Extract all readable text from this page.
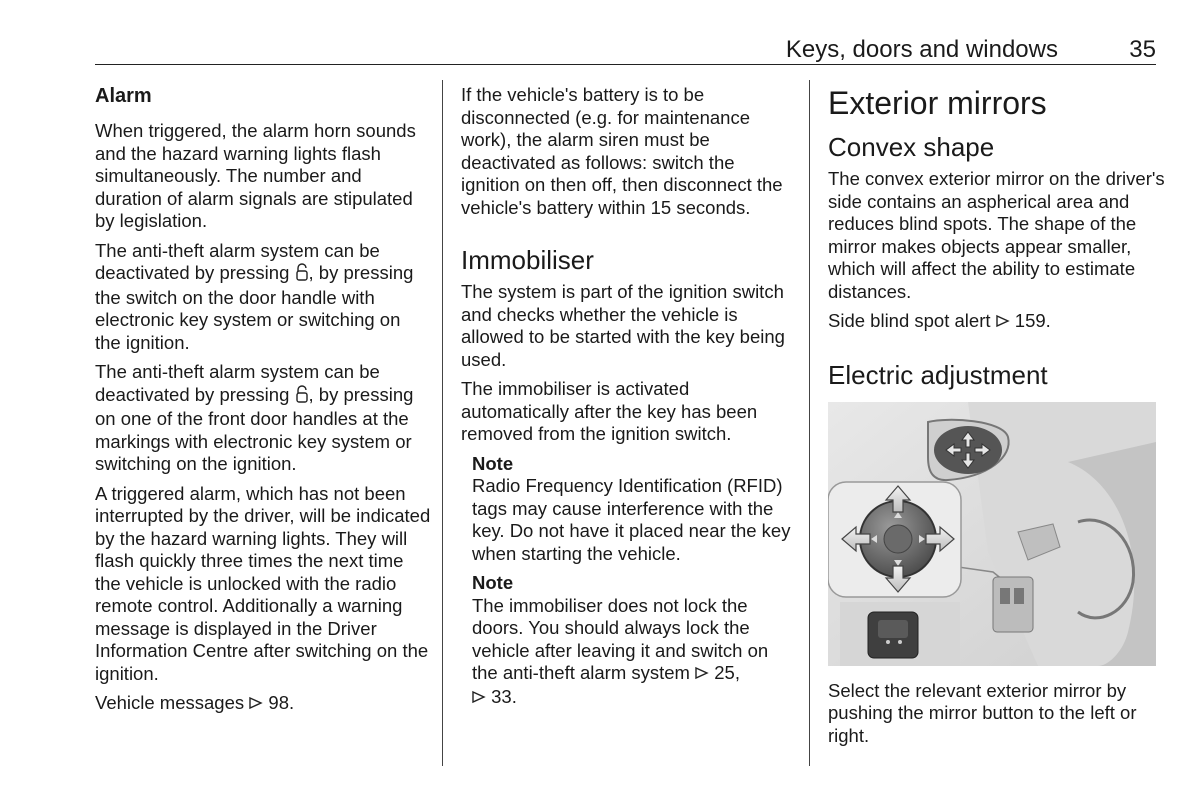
Keys, doors and windows	35
Alarm

When triggered, the alarm horn sounds and the hazard warning lights flash simultaneously. The number and duration of alarm signals are stipulated by legislation.

The anti-theft alarm system can be deactivated by pressing , by pressing the switch on the door handle with electronic key system or switching on the ignition.

The anti-theft alarm system can be deactivated by pressing , by pressing on one of the front door handles at the markings with electronic key system or switching on the ignition.

A triggered alarm, which has not been interrupted by the driver, will be indicated by the hazard warning lights. They will flash quickly three times the next time the vehicle is unlocked with the radio remote control. Additionally a warning message is displayed in the Driver Information Centre after switching on the ignition.

Vehicle messages  98.

If the vehicle's battery is to be disconnected (e.g. for maintenance work), the alarm siren must be deactivated as follows: switch the ignition on then off, then disconnect the vehicle's battery within 15 seconds.

Immobiliser

The system is part of the ignition switch and checks whether the vehicle is allowed to be started with the key being used.

The immobiliser is activated automatically after the key has been removed from the ignition switch.

Note

Radio Frequency Identification (RFID) tags may cause interference with the key. Do not have it placed near the key when starting the vehicle.

Note

The immobiliser does not lock the doors. You should always lock the vehicle after leaving it and switch on the anti-theft alarm system  25,
33.

Exterior mirrors
Convex shape

The convex exterior mirror on the driver's side contains an aspherical area and reduces blind spots. The shape of the mirror makes objects appear smaller, which will affect the ability to estimate distances.

Side blind spot alert  159.

Electric adjustment

Select the relevant exterior mirror by pushing the mirror button to the left or right.
